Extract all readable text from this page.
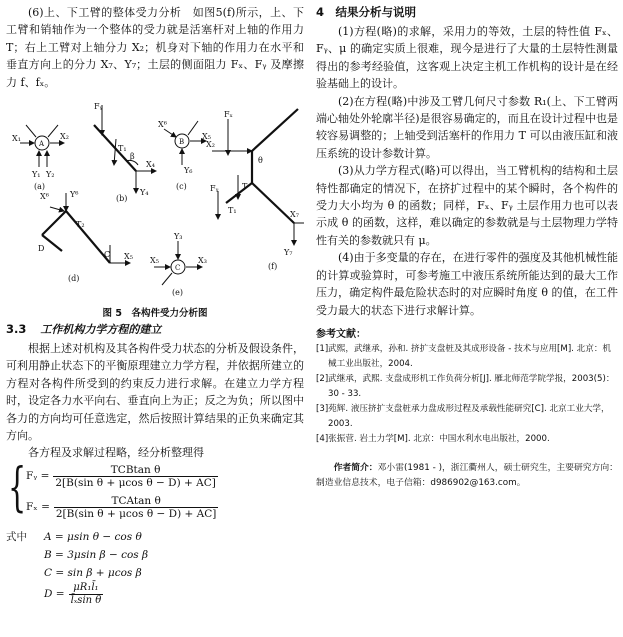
(6)上、下工臂的整体受力分析　如图5(f)所示，上、下工臂和销轴作为一个整体的受力就是活塞杆对上轴的作用力 T；右上工臂对上轴分力 X₂；机身对下轴的作用力在水平和垂直方向上的分力 X₇、Y₇；土层的侧面阻力 Fₓ、Fᵧ 及摩擦力 f、fₓ。

X₁	X₂
Y₁ Y₂
A
(a)
Fᵧ
T₁
X₄
Y₄
β
(b)
X⁶
B
X₅
Y₆
(c)
X⁶	Y⁶
T₂
D
C X₅
(d)
Y₃
X₅
C
X₃
(e)
Fₓ
X₂
T
θ
Fᵧ
T₁
Y₇
X₇
(f)
图 5　各构件受力分析图
3.3 工作机构力学方程的建立

根据上述对机构及其各构件受力状态的分析及假设条件，可利用静止状态下的平衡原理建立力学方程，并依据所建立的方程对各构件所受到的约束反力进行求解。在建立力学方程时，设定各力水平向右、垂直向上为正；反之为负；所以图中各力的方向均可任意选定，然后按照计算结果的正负来确定其方向。

各方程及求解过程略，经分析整理得

{ Fᵧ = $\frac{\text{TCBtan θ}}{\text{2[B(sin θ + μcos θ − D) + AC]}}$
$F_x = \frac{\text{TCAtan θ}}{\text{2[B(sin θ + μcos θ − D) + AC]}}$
式中	A = μsin θ − cos θ
B = 3μsin β − cos β
C = sin β + μcos β
$D = \frac{\text{μR₁l̄₁}}{\text{l̄ₓsin θ}}$
4　结果分析与说明

(1)方程(略)的求解，采用力的等效，土层的特性值 Fₓ、Fᵧ、μ 的确定实质上很难，现今是进行了大量的土层特性测量得出的参考经验值，这客观上决定主机工作机构的设计是在经验基础上的设计。

(2)在方程(略)中涉及工臂几何尺寸参数 R₁(上、下工臂两端心轴处外轮廓半径)是很容易确定的，而且在设计过程中也是较容易调整的；上轴受到活塞杆的作用力 T 可以由液压缸和液压系统的设计参数计算。

(3)从力学方程式(略)可以得出，当工臂机构的结构和土层特性都确定的情况下，在挤扩过程中的某个瞬时，各个构件的受力大小均为 θ 的函数；同样，Fₓ、Fᵧ 土层作用力也可以表示成 θ 的函数，这样，难以确定的参数就是与土层物理力学特性有关的参数就只有 μ。

(4)由于多变量的存在，在进行零件的强度及其他机械性能的计算或验算时，可参考施工中液压系统所能达到的最大工作压力，确定构件最危险状态时的对应瞬时角度 θ 的值，在工件受力最大的状态下进行求解计算。

参考文献：
[1]武熙，武继承，孙和. 挤扩支盘桩及其成形设备 - 技术与应用[M]. 北京：机械工业出版社，2004.
[2]武继承，武熙. 支盘成形机工作负荷分析[J]. 雁北师范学院学报，2003(5)：30 - 33.
[3]苑辉. 液压挤扩支盘桩承力盘成形过程及承载性能研究[C]. 北京工业大学，2003.
[4]张振营. 岩土力学[M]. 北京：中国水利水电出版社，2000.

作者简介：邓小雷(1981 - )，浙江衢州人，硕士研究生，主要研究方向：制造业信息技术，电子信箱：d986902@163.com。
